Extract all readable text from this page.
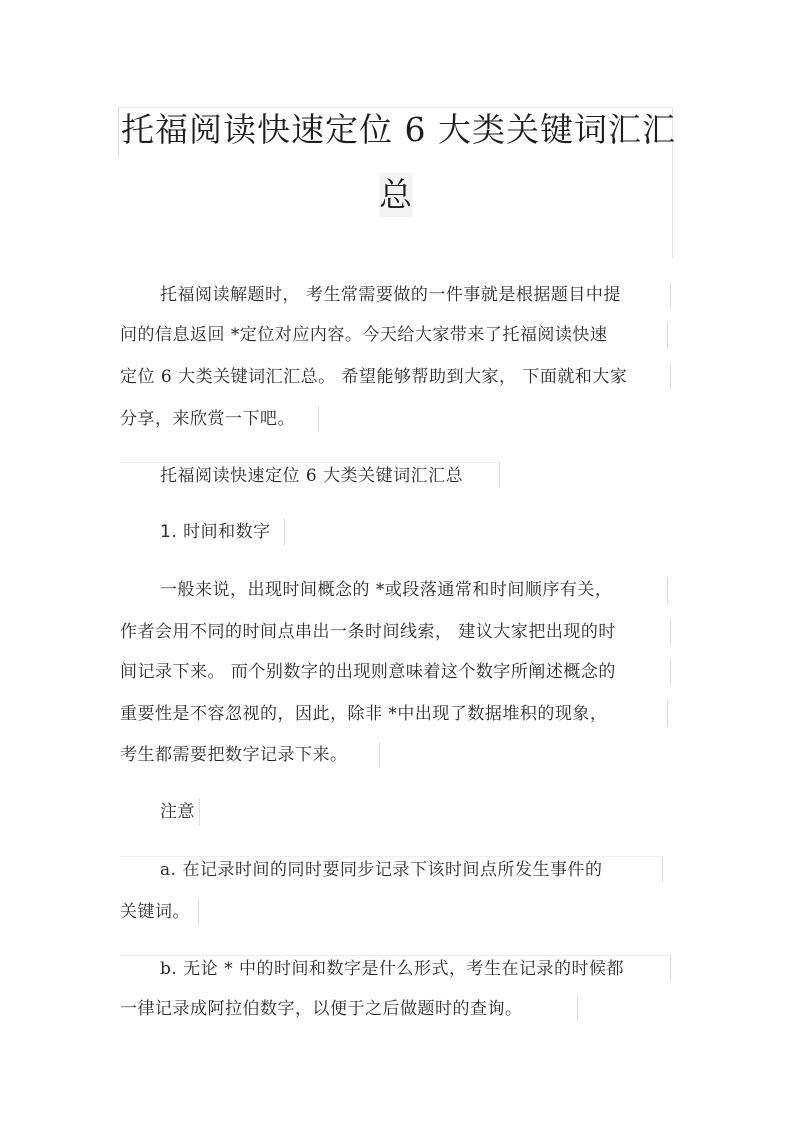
托福阅读快速定位 6 大类关键词汇汇
总
托福阅读解题时， 考生常需要做的一件事就是根据题目中提
问的信息返回 *定位对应内容。今天给大家带来了托福阅读快速
定位 6 大类关键词汇汇总。 希望能够帮助到大家， 下面就和大家
分享，来欣赏一下吧。
托福阅读快速定位 6 大类关键词汇汇总
1. 时间和数字
一般来说，出现时间概念的 *或段落通常和时间顺序有关，
作者会用不同的时间点串出一条时间线索， 建议大家把出现的时
间记录下来。 而个别数字的出现则意味着这个数字所阐述概念的
重要性是不容忽视的，因此，除非 *中出现了数据堆积的现象，
考生都需要把数字记录下来。
注意
a. 在记录时间的同时要同步记录下该时间点所发生事件的
关键词。
b. 无论 * 中的时间和数字是什么形式，考生在记录的时候都
一律记录成阿拉伯数字，以便于之后做题时的查询。
